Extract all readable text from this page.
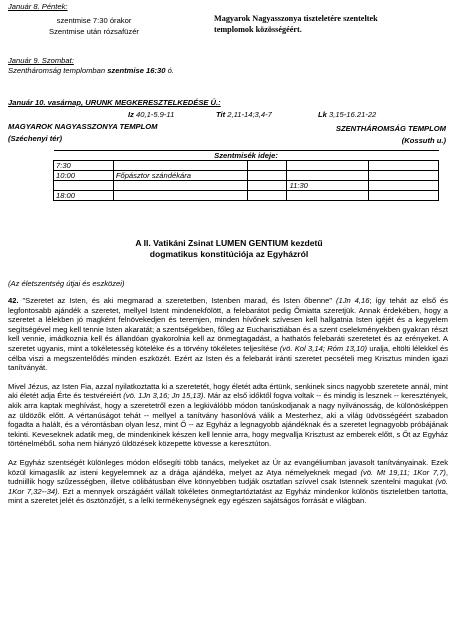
Január 8. Péntek:
szentmise 7:30 órakor
Szentmise után rózsafüzér
Magyarok Nagyasszonya tiszteletére szenteltek
templomok közösségéért.
Január 9. Szombat:
Szentháromság templomban szentmise 16:30 ó.
Január 10. vasárnap, URUNK MEGKERESZTELKEDÉSE Ü.:
Iz 40,1-5.9-11	Tit 2,11-14;3,4-7	Lk 3,15-16.21-22
MAGYAROK NAGYASSZONYA TEMPLOM	SZENTHÁROMSÁG TEMPLOM
(Széchenyi tér)	(Kossuth u.)
Szentmisék ideje:				
7:30				
10:00	Főpásztor szándékára			
			11:30	
18:00				
A II. Vatikáni Zsinat LUMEN GENTIUM kezdetű
dogmatikus konstitúciója az Egyházról
(Az életszentség útjai és eszközei)

42. "Szeretet az Isten, és aki megmarad a szeretetben, Istenben marad, és Isten őbenne" (1Jn 4,16; így tehát az első és legfontosabb ajándék a szeretet, mellyel Istent mindenekfölött, a felebarátot pedig Őmiatta szeretjük. Annak érdekében, hogy a szeretet a lélekben jó magként felnövekedjen és teremjen, minden hívőnek szívesen kell hallgatnia Isten igéjét és a kegyelem segítségével meg kell tennie Isten akaratát; a szentségekben, főleg az Eucharisztiában és a szent cselekményekben gyakran részt kell vennie, imádkoznia kell és állandóan gyakorolnia kell az önmegtagadást, a hathatós felebaráti szeretetet és az erényeket. A szeretet ugyanis, mint a tökéletesség köteléke és a törvény tökéletes teljesítése (vö. Kol 3,14; Róm 13,10) uralja, eltölti lélekkel és célba viszi a megszentelődés minden eszközét. Ezért az Isten és a felebarát iránti szeretet pecsételi meg Krisztus minden igazi tanítványát.

Mivel Jézus, az Isten Fia, azzal nyilatkoztatta ki a szeretetét, hogy életét adta értünk, senkinek sincs nagyobb szeretete annál, mint aki életét adja Érte és testvéreiért (vö. 1Jn 3,16; Jn 15,13). Már az első időktől fogva voltak -- és mindig is lesznek -- keresztények, akik arra kaptak meghívást, hogy a szeretetről ezen a legkiválóbb módon tanúskodjanak a nagy nyilvánosság, de különösképpen az üldözők előtt. A vértanúságot tehát -- mellyel a tanítvány hasonlóvá válik a Mesterhez, aki a világ üdvösségéért szabadon fogadta a halált, és a vérontásban olyan lesz, mint Ő -- az Egyház a legnagyobb ajándéknak és a szeretet legnagyobb próbájának tekinti. Keveseknek adatik meg, de mindenkinek készen kell lennie arra, hogy megvallja Krisztust az emberek előtt, s Őt az Egyház történelmébőL soha nem hiányzó üldözések közepette kövesse a keresztúton.

Az Egyház szentségét különleges módon elősegíti több tanács, melyeket az Úr az evangéliumban javasolt tanítványainak. Ezek közül kimagaslik az isteni kegyelemnek az a drága ajándéka, melyet az Atya némelyeknek megad (vö. Mt 19,11; 1Kor 7,7), tudniillik hogy szűzességben, illetve cölibátusban élve könnyebben tudják osztatlan szívvel csak Istennek szentelni magukat (vö. 1Kor 7,32--34). Ezt a mennyek országáért vállalt tökéletes önmegtartóztatást az Egyház mindenkor különös tiszteletben tartotta, mint a szeretet jelét és ösztönzőjét, s a lelki termékenységnek egy egészen sajátságos forrását e világban.
